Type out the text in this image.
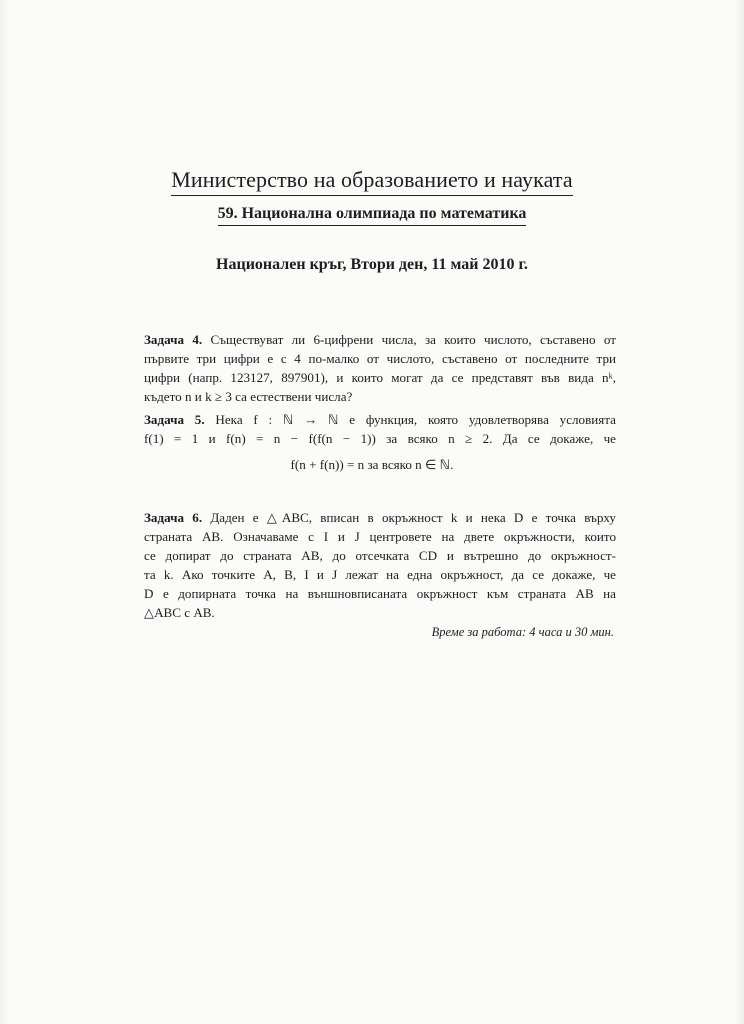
Министерство на образованието и науката
59. Национална олимпиада по математика
Национален кръг, Втори ден, 11 май 2010 г.
Задача 4. Съществуват ли 6-цифрени числа, за които числото, съставено от
първите три цифри е с 4 по-малко от числото, съставено от последните три
цифри (напр. 123127, 897901), и които могат да се представят във вида nᵏ,
където n и k ≥ 3 са естествени числа?
Задача 5. Нека f : ℕ → ℕ е функция, която удовлетворява условията
f(1) = 1 и f(n) = n − f(f(n − 1)) за всяко n ≥ 2. Да се докаже, че
f(n + f(n)) = n за всяко n ∈ ℕ.
Задача 6. Даден е △ABC, вписан в окръжност k и нека D е точка върху
страната AB. Означаваме с I и J центровете на двете окръжности, които
се допират до страната AB, до отсечката CD и вътрешно до окръжност-
та k. Ако точките A, B, I и J лежат на една окръжност, да се докаже, че
D е допирната точка на външновписаната окръжност към страната AB на
△ABC с AB.
Време за работа: 4 часа и 30 мин.
